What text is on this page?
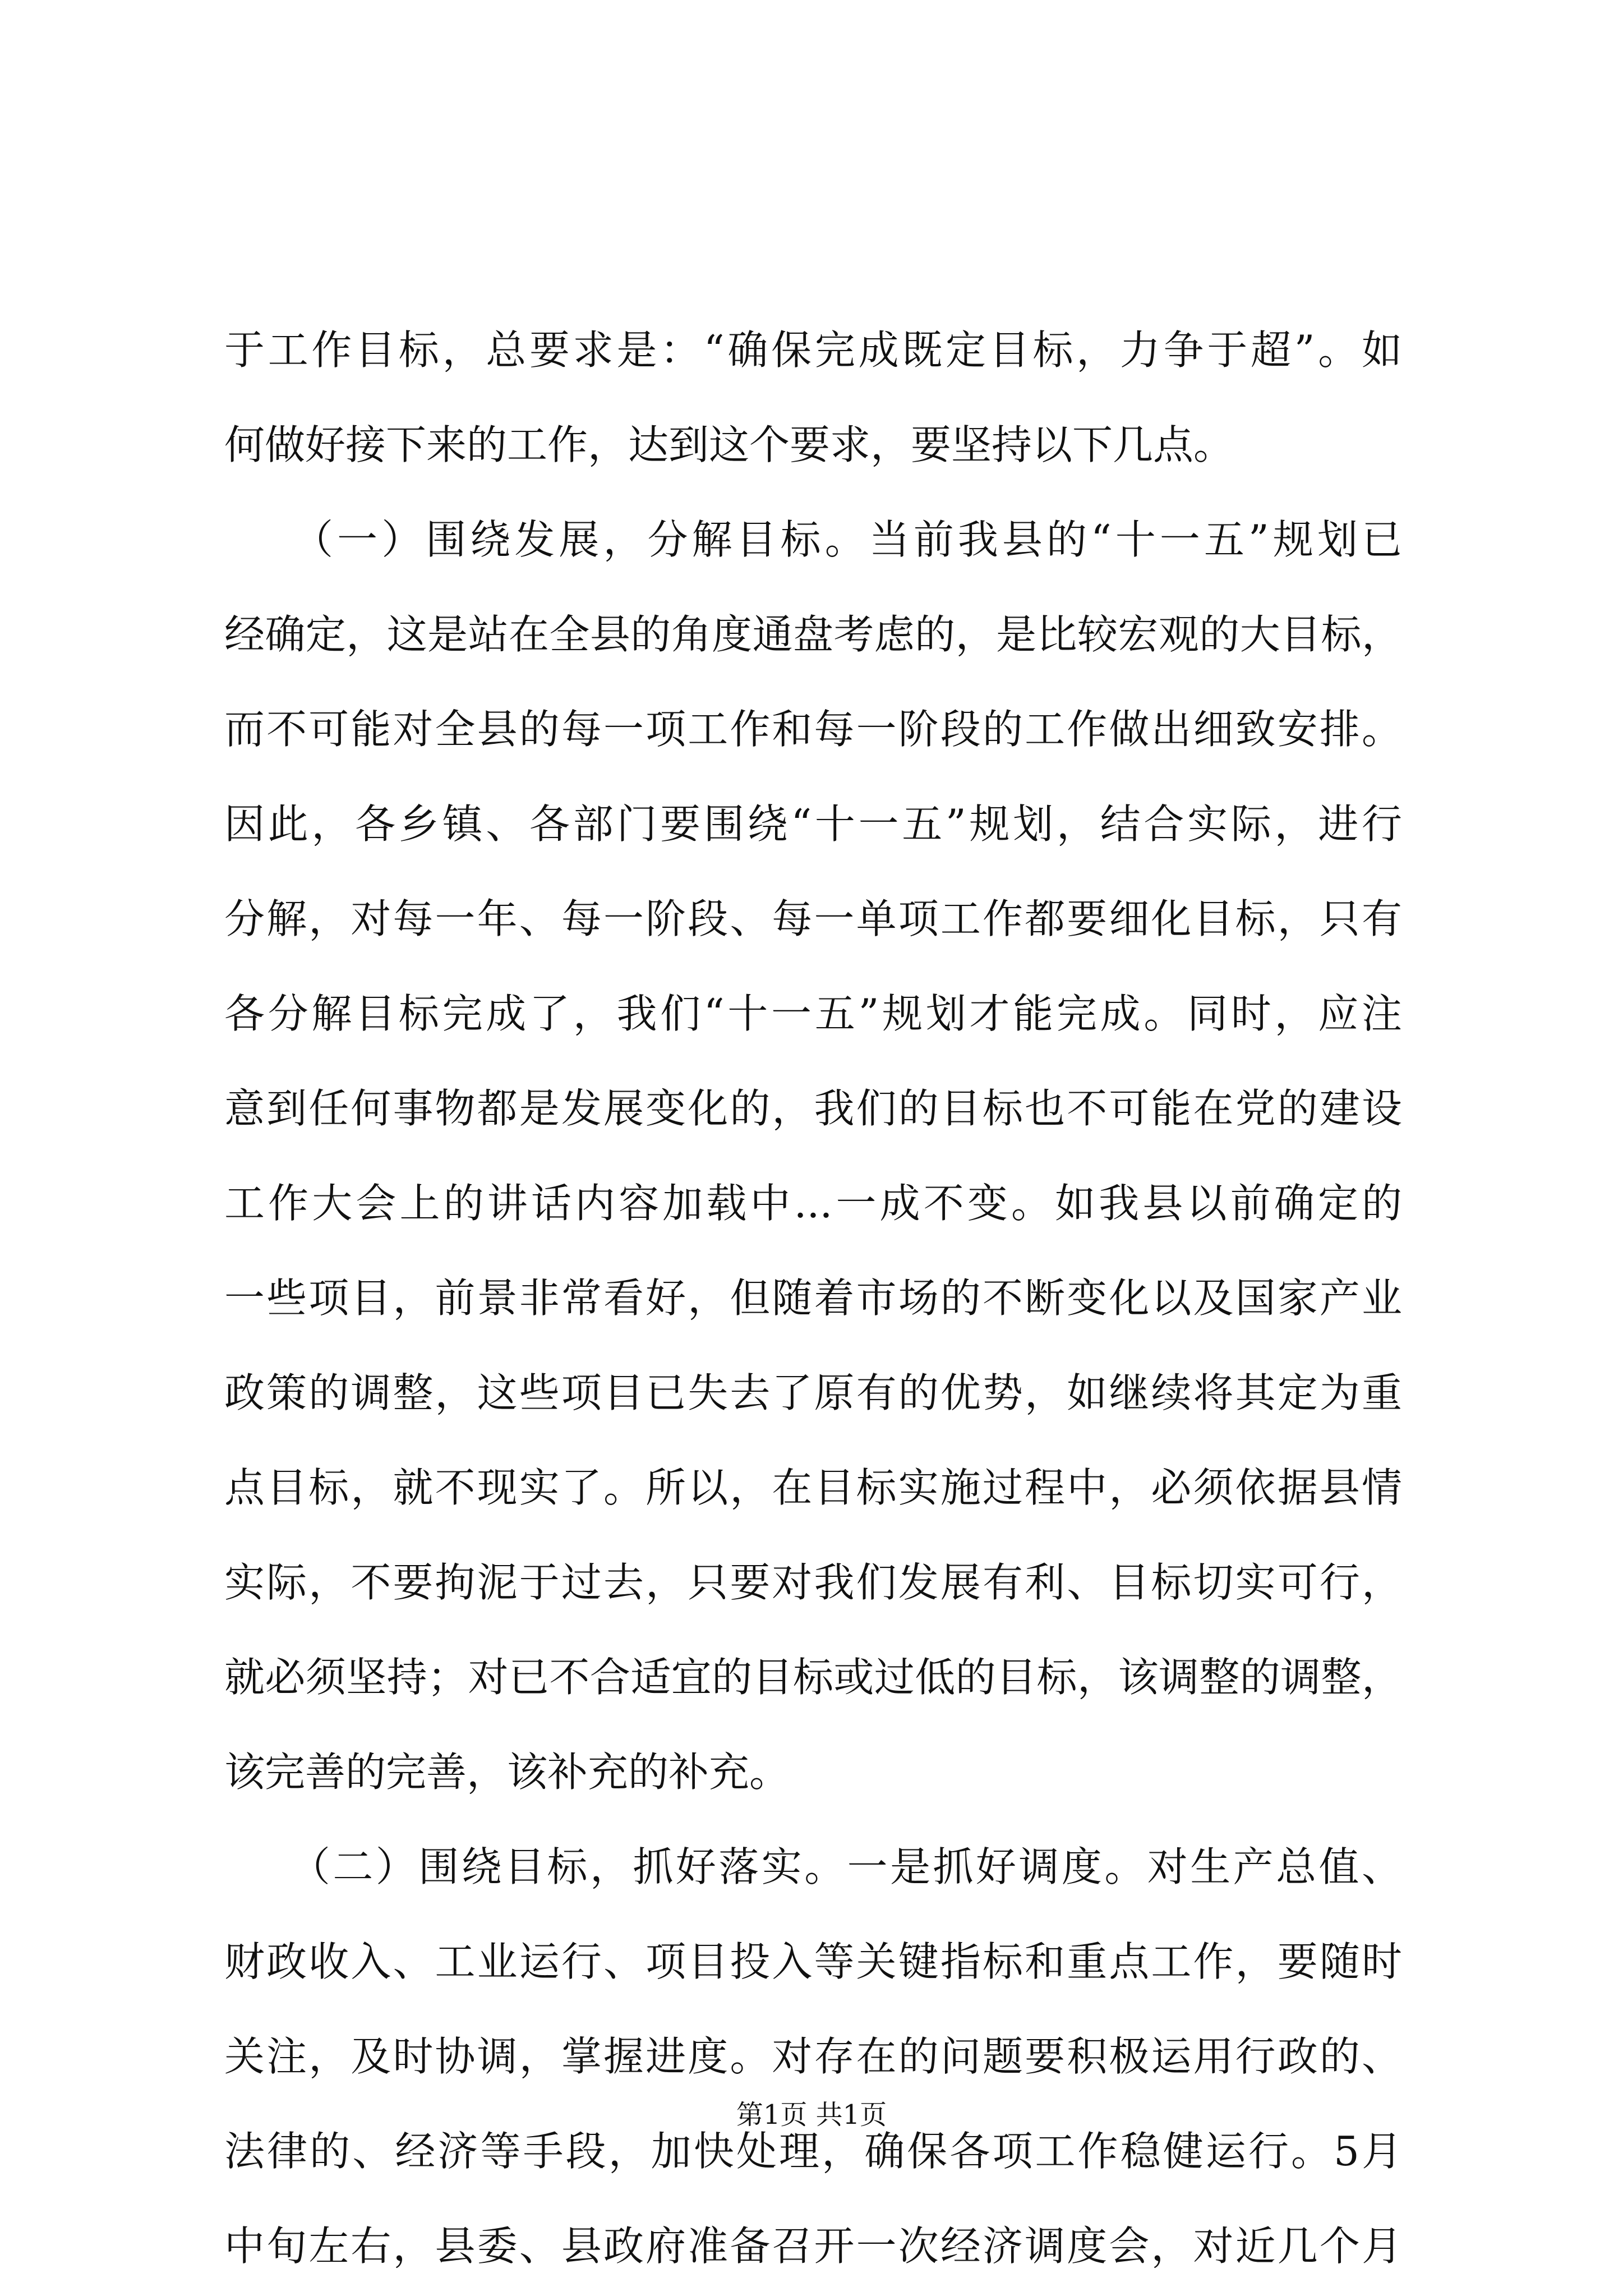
于工作目标，总要求是：“确保完成既定目标，力争于超”。如
何做好接下来的工作，达到这个要求，要坚持以下几点。
　　（一）围绕发展，分解目标。当前我县的“十一五”规划已
经确定，这是站在全县的角度通盘考虑的，是比较宏观的大目标，
而不可能对全县的每一项工作和每一阶段的工作做出细致安排。
因此，各乡镇、各部门要围绕“十一五”规划，结合实际，进行
分解，对每一年、每一阶段、每一单项工作都要细化目标，只有
各分解目标完成了，我们“十一五”规划才能完成。同时，应注
意到任何事物都是发展变化的，我们的目标也不可能在党的建设
工作大会上的讲话内容加载中...一成不变。如我县以前确定的
一些项目，前景非常看好，但随着市场的不断变化以及国家产业
政策的调整，这些项目已失去了原有的优势，如继续将其定为重
点目标，就不现实了。所以，在目标实施过程中，必须依据县情
实际，不要拘泥于过去，只要对我们发展有利、目标切实可行，
就必须坚持；对已不合适宜的目标或过低的目标，该调整的调整，
该完善的完善，该补充的补充。
　　（二）围绕目标，抓好落实。一是抓好调度。对生产总值、
财政收入、工业运行、项目投入等关键指标和重点工作，要随时
关注，及时协调，掌握进度。对存在的问题要积极运用行政的、
法律的、经济等手段，加快处理，确保各项工作稳健运行。5月
中旬左右，县委、县政府准备召开一次经济调度会，对近几个月
第1页 共1页
